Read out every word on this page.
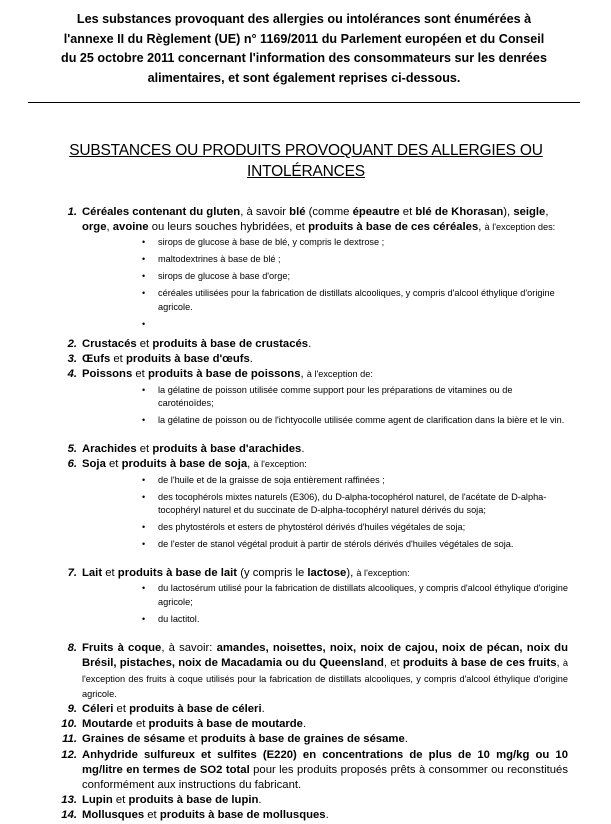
Les substances provoquant des allergies ou intolérances sont énumérées à
l'annexe II du Règlement (UE) n° 1169/2011 du Parlement européen et du Conseil
du 25 octobre 2011 concernant l'information des consommateurs sur les denrées
alimentaires, et sont également reprises ci-dessous.
SUBSTANCES OU PRODUITS PROVOQUANT DES ALLERGIES OU
INTOLÉRANCES
1. Céréales contenant du gluten, à savoir blé (comme épeautre et blé de Khorasan), seigle, orge, avoine ou leurs souches hybridées, et produits à base de ces céréales, à l'exception des:
• sirops de glucose à base de blé, y compris le dextrose ;
• maltodextrines à base de blé ;
• sirops de glucose à base d'orge;
• céréales utilisées pour la fabrication de distillats alcooliques, y compris d'alcool éthylique d'origine agricole.
•
2. Crustacés et produits à base de crustacés.
3. Œufs et produits à base d'œufs.
4. Poissons et produits à base de poissons, à l'exception de:
• la gélatine de poisson utilisée comme support pour les préparations de vitamines ou de caroténoïdes;
• la gélatine de poisson ou de l'ichtyocolle utilisée comme agent de clarification dans la bière et le vin.
5. Arachides et produits à base d'arachides.
6. Soja et produits à base de soja, à l'exception:
• de l'huile et de la graisse de soja entièrement raffinées ;
• des tocophérols mixtes naturels (E306), du D-alpha-tocophérol naturel, de l'acétate de D-alpha-tocophéryl naturel et du succinate de D-alpha-tocophéryl naturel dérivés du soja;
• des phytostérols et esters de phytostérol dérivés d'huiles végétales de soja;
• de l'ester de stanol végétal produit à partir de stérols dérivés d'huiles végétales de soja.
7. Lait et produits à base de lait (y compris le lactose), à l'exception:
• du lactosérum utilisé pour la fabrication de distillats alcooliques, y compris d'alcool éthylique d'origine agricole;
• du lactitol.
8. Fruits à coque, à savoir: amandes, noisettes, noix, noix de cajou, noix de pécan, noix du Brésil, pistaches, noix de Macadamia ou du Queensland, et produits à base de ces fruits, à l'exception des fruits à coque utilisés pour la fabrication de distillats alcooliques, y compris d'alcool éthylique d'origine agricole.
9. Céleri et produits à base de céleri.
10. Moutarde et produits à base de moutarde.
11. Graines de sésame et produits à base de graines de sésame.
12. Anhydride sulfureux et sulfites (E220) en concentrations de plus de 10 mg/kg ou 10 mg/litre en termes de SO2 total pour les produits proposés prêts à consommer ou reconstitués conformément aux instructions du fabricant.
13. Lupin et produits à base de lupin.
14. Mollusques et produits à base de mollusques.
